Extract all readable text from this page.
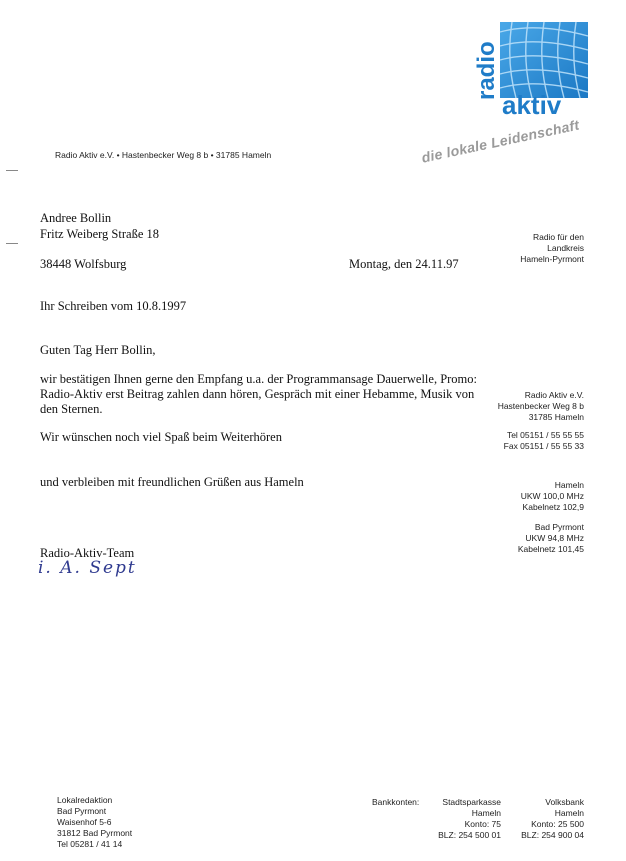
radio
aktiv
die lokale Leidenschaft
Radio Aktiv e.V. • Hastenbecker Weg 8 b • 31785 Hameln
Andree Bollin
Fritz Weiberg Straße 18
38448 Wolfsburg	Montag, den 24.11.97
Radio für den
Landkreis
Hameln-Pyrmont
Radio Aktiv e.V.
Hastenbecker Weg 8 b
31785 Hameln
Tel 05151 / 55 55 55
Fax 05151 / 55 55 33
Hameln
UKW 100,0 MHz
Kabelnetz 102,9
Bad Pyrmont
UKW 94,8 MHz
Kabelnetz 101,45
Ihr Schreiben vom 10.8.1997
Guten Tag Herr Bollin,
wir bestätigen Ihnen gerne den Empfang u.a. der Programmansage Dauerwelle, Promo:
Radio-Aktiv erst Beitrag zahlen dann hören, Gespräch mit einer Hebamme, Musik von
den Sternen.
Wir wünschen noch viel Spaß beim Weiterhören
und verbleiben mit freundlichen Grüßen aus Hameln
Radio-Aktiv-Team
i. A. Sept
Lokalredaktion
Bad Pyrmont
Waisenhof 5-6
31812 Bad Pyrmont
Tel 05281 / 41 14
Bankkonten:	Stadtsparkasse
Hameln
Konto: 75
BLZ: 254 500 01
Volksbank
Hameln
Konto: 25 500
BLZ: 254 900 04
